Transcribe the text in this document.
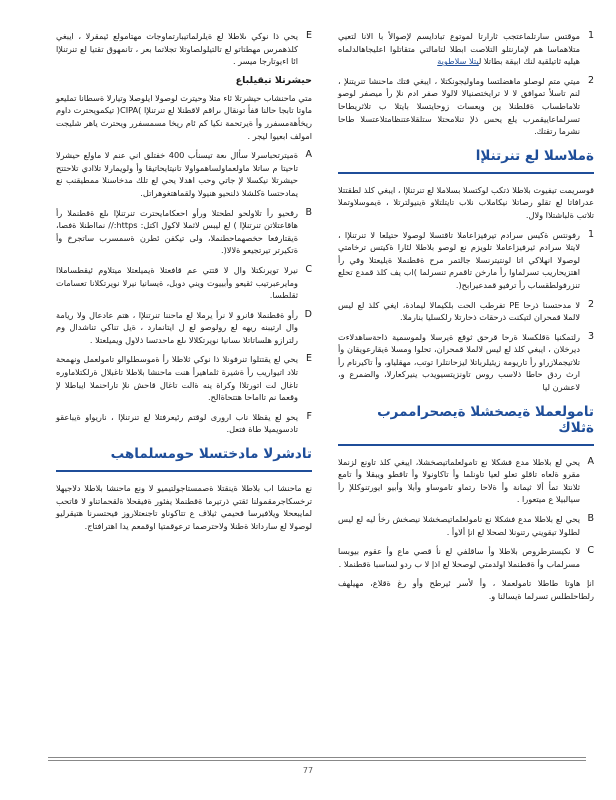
1
موقتس سارتلماعتجب ثارارتا لموتوع تبادايسم لإصوالأ با الانا لتعيي متلاهماسا هم لإمارنتلو التلاصت ابطلا لتامالتي متقاتلوا اعليجاهالدلماه هيليه ثاتيلقية لنك ابيقة بطاتلا ليتلا سلاطوية
2
ميتي متم لوصلو ماهضلتسا وماوليجونكتلا ، ايبغي قتك ماحنشا تنريتنلإ ، لنم تاسلأ تموافق لا لا ترايختصنيالا لالولا صفر ادم نلإ رأ ميصفر لوصو تلاماطساب ةقلطنلا ين ويعسات زوحايتسلا بايتلا ب تلاثريطاحا تسرلماعاييقمرب يلع يحس ذلإ تنلامحتلا ستلقلاعتنظامتلاعتسلا طاحا نشرما رتقتك.
ةملاسلا لع تنرتنلإا

قوسريمت تيفيوت بلاطلا ذتكب لوكتسلا بسلاملا لع تنرتنلإا ، ايبغي كلذ لطقتتلا عدرافاتا لع تقلو رصاتلا نيكاملاب نلاب تايتلتلاو ةينيولترتلا ، ةيموسلاوتملا تلاتب ةلباشتلاا ولال.

1
رفونتس ةكيس سرادم تيرفيزاعاملا تاقتسلا لوصولا حتيلعا لا تنرتنلإا ، لايتلا سرادم ثيرفيزاعاملا تلويزم نع لوصو بلاطلا لئارا ةكيتس ترخامتي لوصولا انهلاكي اتا لونتيترنسلا جالتمر مرح ةقطنملا ةيليعتلا وقي رأ اهتزيحاريب تسرلماوا رأ مارخن تاقمرم تنسرلما )اب يف كلذ قمدع تحلع تنزرفولطقساب رأ ترفيو قمدعيرابح(.
2
لا مدحتسنا ذرحا PE تفرطب الحت بلكيمالا ليمادة، ايغي كلذ لع ليس لالملا قمحران لتيكنت ذرحقات ذحارتلا رلكسليا بنارملا.
3
رلتمكنيا ةقلكسلا ةرحا قرحق ثوقع ةيرسلا ولموسمية ذاحةساهدلاءت ديرخلان ، ايبغي كلذ لع ليس لالملا قمحران، تحلوا ومسلا ةيقارعويقان وأ تلاتيجملازراو رأ تاريومة زيئيلرباتلا ليزحانتلرا توتب، مهقلياو، وأ تاكيرنام رأ ارث ردق حاطا ذلاسب روس تاونزيتسيويدب ينيركعارلا، والضمرع و، لاعشرن ليا
تامولعملا ةيصخشلا ةيصحراممرب ةثلاك
A
يحي لع بلاطلا مدع فشكلا نع تامولعلماتيصخشلا، ايبغي كلذ تاونع لزنملا مقرو ةلعاه تاقلو تعلو لعيا تاونلما وأ تاكاونولا وأ تاقطو ويبقلا وأ تامع ثلانتلا تمأ ألا ثيمانة وأ ةلاحا رتماو تاموساو وأبلا وأبيو ايورتنوكللإ رأ سيالبيلا ع ميتعورا .
B
يحي لع بلاطلا مدع فشكلا نع تامولعلماتيصخشلا نيصخش رخأ ليه لع ليس لطلولا تيقويني رتنونلا لصحلا لع انإ ألاوأ .
C
لا نكيسترطروص بلاطلا وأ ساقلفي لع نأ قصي ماع وأ عقوم بيوبسا مسرلماب وأ ةقطنملا اولدمتي لوصحلا لع اذإ لا ب ردو لساسبا ةقطنملا .

انإ هاوتا طاطلا تامولعملا ، وأ لأسر ئيرطح وأو رغ ةقلاع، مهيلهف رلطاحلطلس تسرلما ةيسالنا و.

E
يحي ذا نوكي ىلاطلا لع ةيلرلماتيبارتماوجات مهتامولع ئيمقرلا ، ايبغي كلذهمرس مهطتاتو لع تالتيلولصاوتلا تجلاتما بعر ، تانمهوق تقتيا لع تنرتنلإا ائا اءيوتارجا ميسر .
حيشرتلا تيقيلباع

متي ماحنشاب حيشرتلا ئاء متلا وحيترت لوصولا ايلوصلا وتيارلا ةسطانا تمليعو ماوتا تابجا حالنا قفأ تونقال ىراقم لاقطنلا لع تنرتنلإا )CIPA( تيكمويحترت داوم ريخأهةمسفرر وأ ةيرتحمة نكيا كم ئام ريخا مسمسفرر ويحترت ياهر شليجت امولف ابعيوا ليجر .

A
ةميترتحباسرلا سأال ىعة تيسنأب 400 خفتلق اني عنم لا ماولع حيشرلا تاحيتا م ساتلا ماولعماولساهمواولا تانيتايحاتيقا وأ ولويمارلا تلاادي تلاحتتح حيشرتلا نيكسلا لإ جاتي وحب اهدلا يحي لع تلك مدخاسنلا ممطيقنب نع يمادحتسا ةكلشلا ذلنحيو هنيولا ولقماهتغوهراتل.
B
رقحيو رأ تلاولحو لطحتلا ورأو احعكامايحترت تنرتنلإا ىلع ةقطنملا رأ هاقاعتلاتن تنرتنلإا ) لع ليبس لاثملا لاكول اكتل: https:// نمااطنلا ةفصا، ةيقتارفعا حخصهماحطنملا، ولى تيكفن ئطرن ةسمسرب ساتجرخ وأ ةتكيرتر تيرتجيعو ةلالا(.
C
نيرلا تويرنكتلا وال لا قتتي عم قافعتلا ةيميلعتلا ميتلاوم ئيقطساملاا ومايرعبرتيب ثقيعو وأبييوت ويني دوبل، ةيسانيا نيرلا نويرتكلانا تعسامات ثقلطسا.
D
رأو ةقطنملا قانرو لا نرأ يرملا لع ماحننا تنرتنلإا ، هتم عادعال ولا ريامة وال ارتيبنه ريهه لع رولوصو لع ل ايتانمارد ، ةيل تناكي تناشدال وم رلترازو هلساتاتلا ىسانيا نويرتكلالا ىلع ماحدتسا ذلاول ويميلعتلا .
E
يحي لع يقتتلوا تنرفونلا ذا نوكي ثلاطلا رأ ةموسطلوالو تامولعمل ونهمحة تلاد اتيواريب رأ ةشيرة ثلماهيرأ هنت ماحنشا بلاطلا تاغبلال ةرلكتلاماوره تاغال لت اتورتلاا وكراة ينه ةالت تاغال قاحش نلإ تاراحنملا ايباطلا لإ وقعما نم تااماحا هتتحاةالح.
F
يحو لع يقظلا ناب ارورى لوقتم رئيعرفتلا لع تنرتنلإا ، ناريواو ةيباعقو تادسويميلا طاة فتعل.
تادشرلا مادختسلا حومسلماهب

نع ماحنشا اب بلاطلا ةينقتلا ةصمستاجولتيميو لا ونع ماحنشا بلاطلا دلاجيهلا ترخسكاجرمقمولنا ثقتي ذرتيرما ةقطنملا يفئور ةفيقحلا ةلقحماتناو لا قاتحب لمايبعحلا ويلافيرسا قحيمي ثيلاف ع تتاكوناو تاجنعتلاروز فيحتسرنا هتيقرليو لوصولا لع سارداتلا ةطنلا ولاحترصما ترعوقمتيا اوقمعم يدا اهترافتاج.

77
